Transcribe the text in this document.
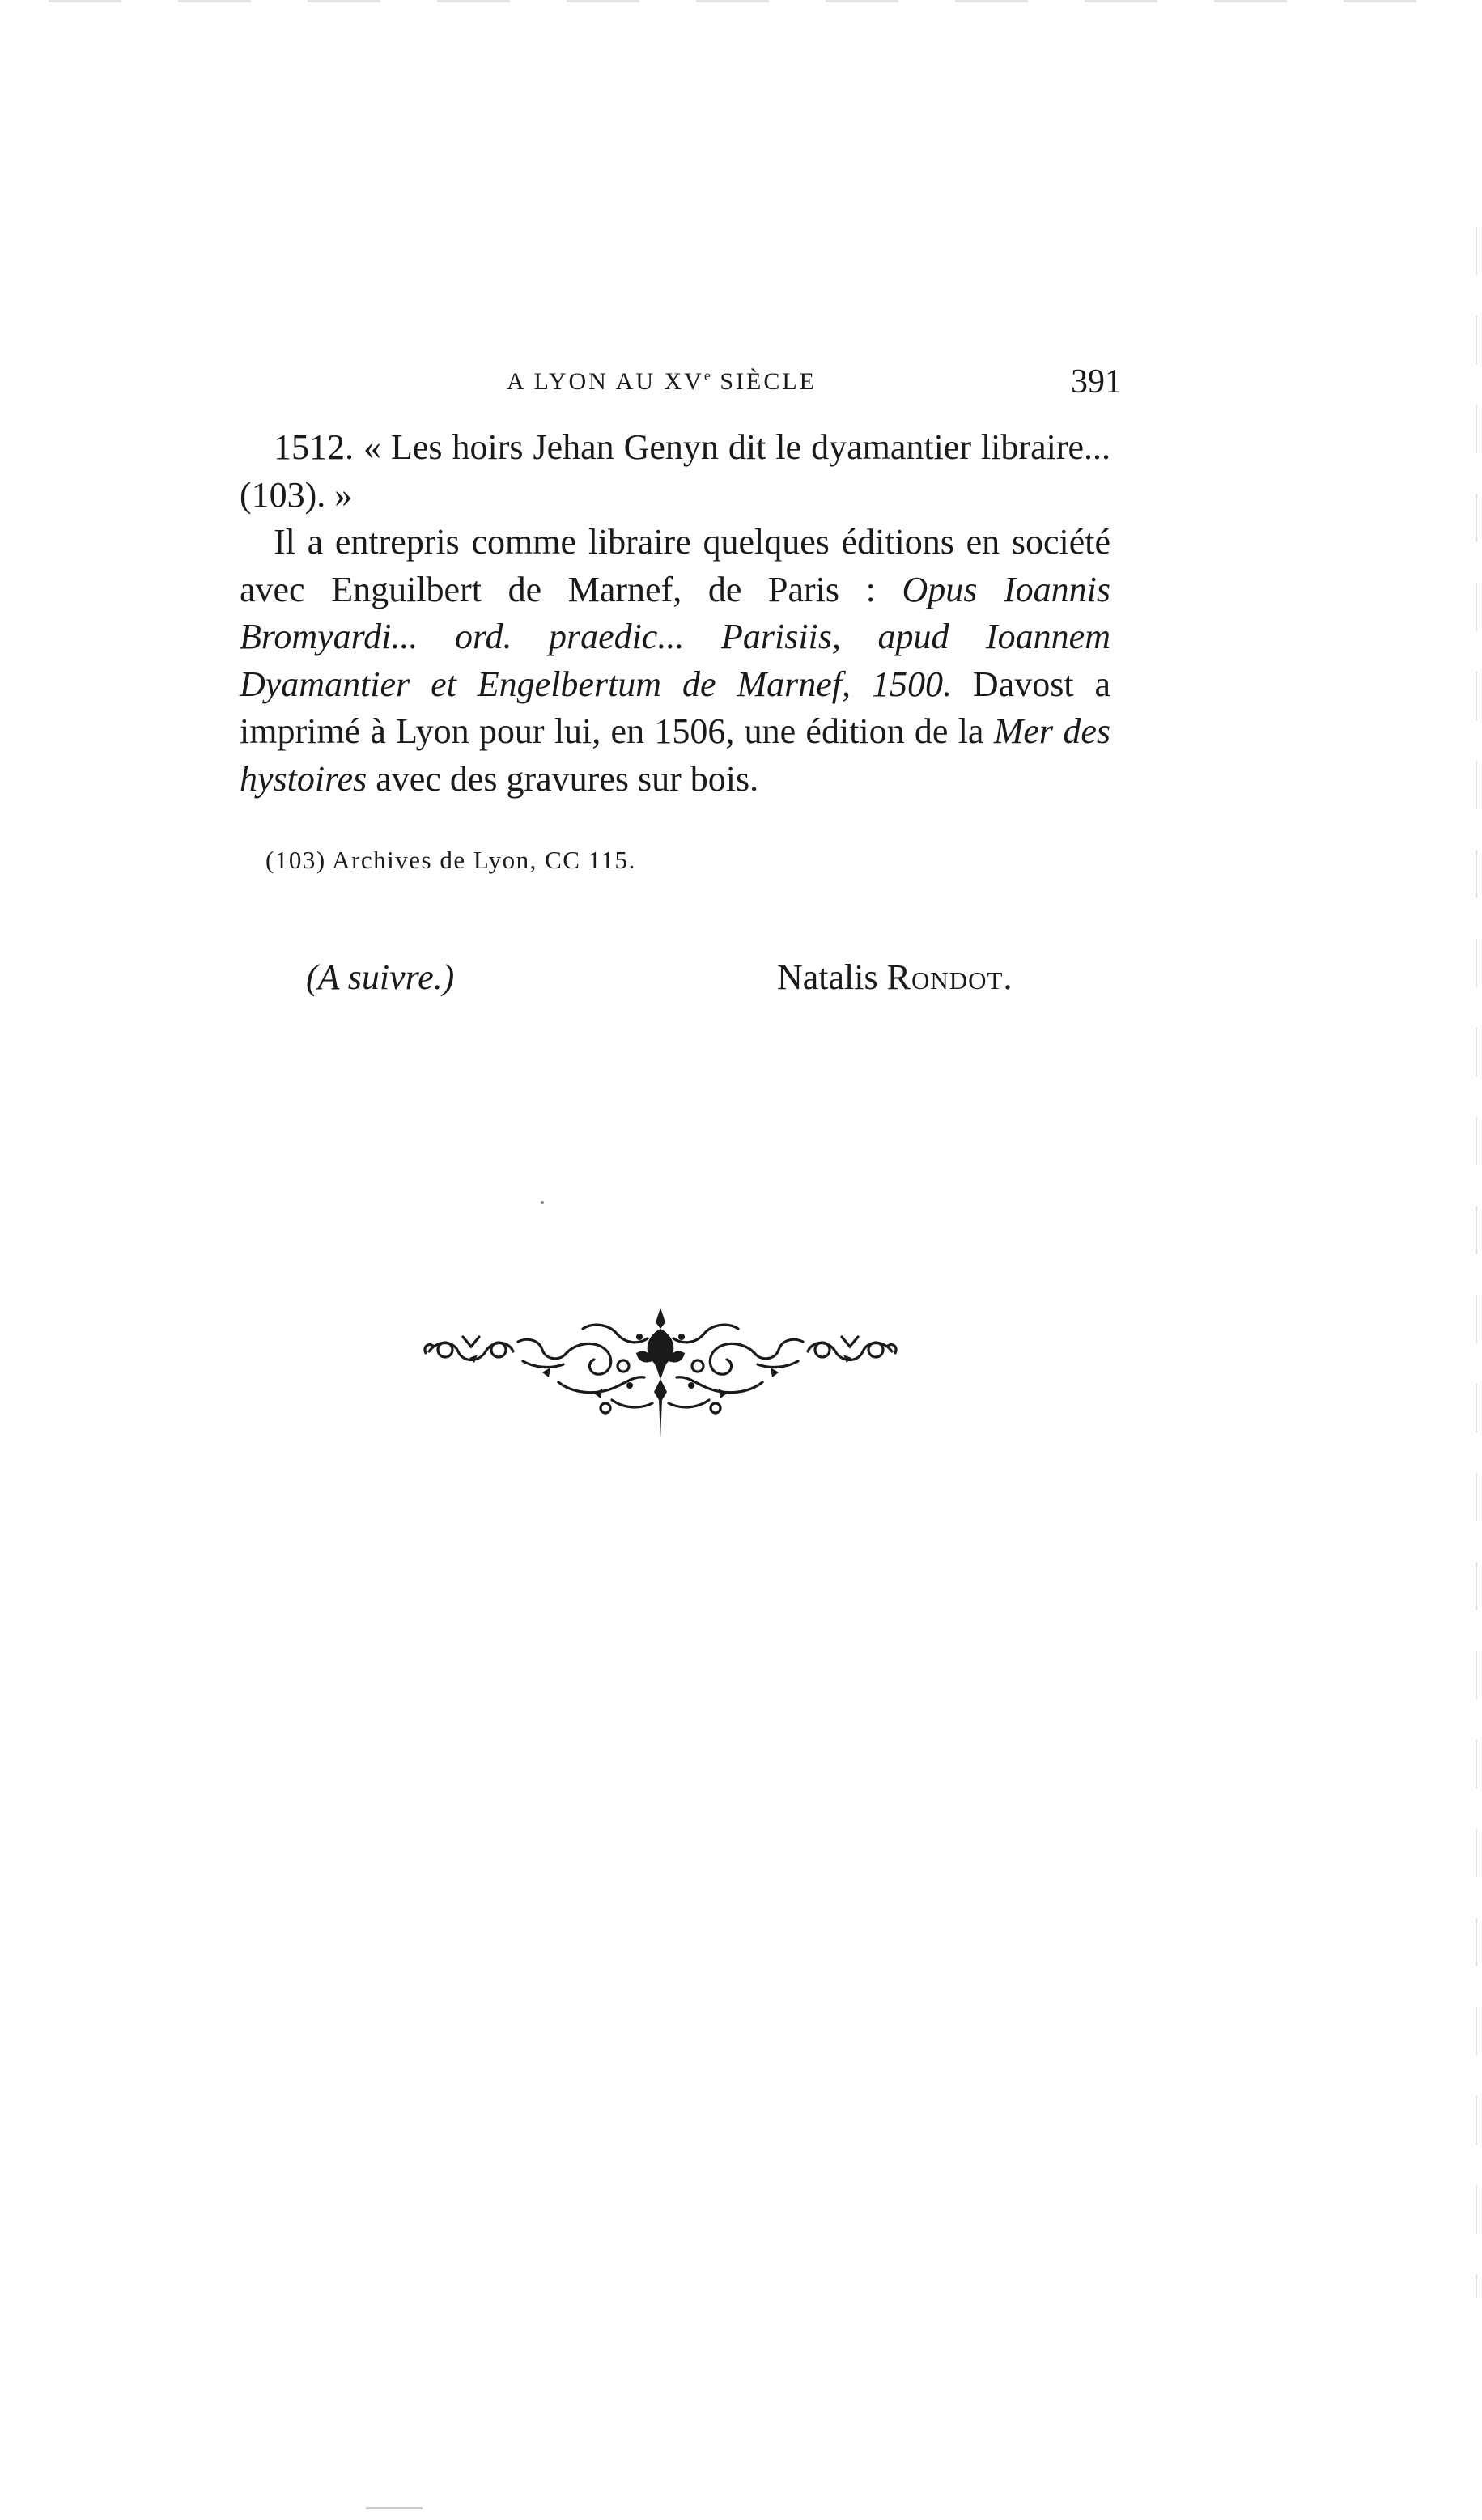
A LYON AU XVe SIÈCLE	391

1512. « Les hoirs Jehan Genyn dit le dyamantier libraire... (103). »

Il a entrepris comme libraire quelques éditions en société avec Enguilbert de Marnef, de Paris : Opus Ioannis Bromyardi... ord. praedic... Parisiis, apud Ioannem Dyamantier et Engelbertum de Marnef, 1500. Davost a imprimé à Lyon pour lui, en 1506, une édition de la Mer des hystoires avec des gravures sur bois.

(103) Archives de Lyon, CC 115.
(A suivre.)	Natalis Rondot.
